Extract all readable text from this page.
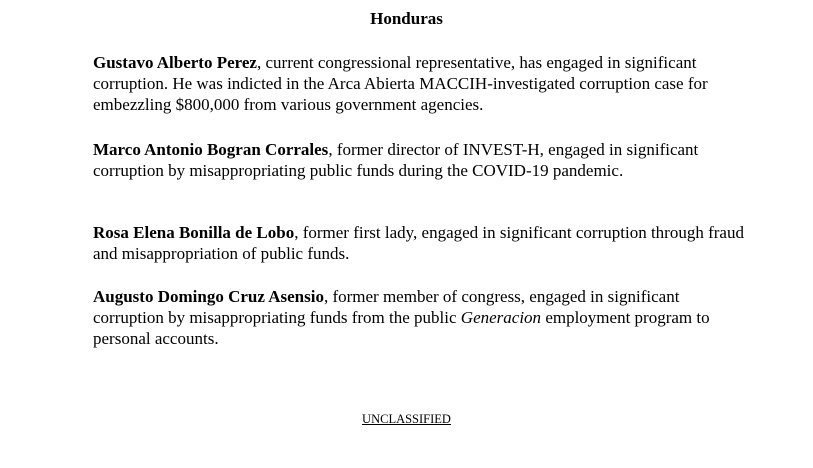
Honduras

Gustavo Alberto Perez, current congressional representative, has engaged in significant corruption. He was indicted in the Arca Abierta MACCIH-investigated corruption case for embezzling $800,000 from various government agencies.

Marco Antonio Bogran Corrales, former director of INVEST-H, engaged in significant corruption by misappropriating public funds during the COVID-19 pandemic.

Rosa Elena Bonilla de Lobo, former first lady, engaged in significant corruption through fraud and misappropriation of public funds.

Augusto Domingo Cruz Asensio, former member of congress, engaged in significant corruption by misappropriating funds from the public Generacion employment program to personal accounts.

UNCLASSIFIED
